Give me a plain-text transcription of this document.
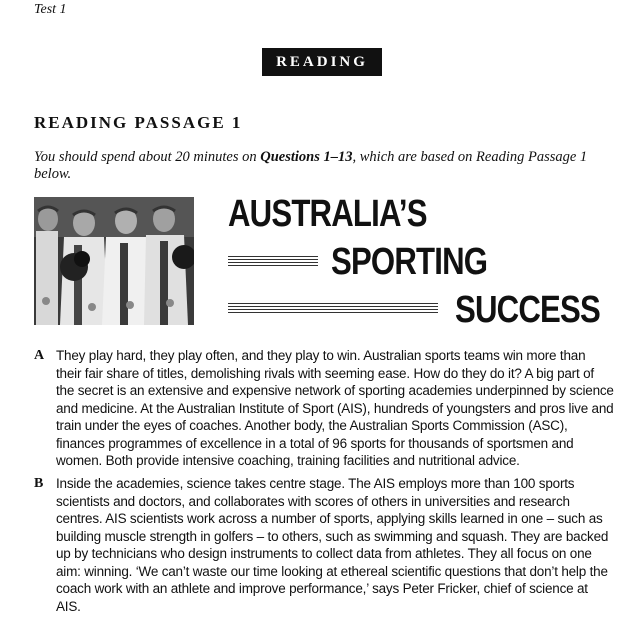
Test 1
READING
READING PASSAGE 1
You should spend about 20 minutes on Questions 1–13, which are based on Reading Passage 1 below.
AUSTRALIA’S
SPORTING
SUCCESS
A They play hard, they play often, and they play to win. Australian sports teams win more than their fair share of titles, demolishing rivals with seeming ease. How do they do it? A big part of the secret is an extensive and expensive network of sporting academies underpinned by science and medicine. At the Australian Institute of Sport (AIS), hundreds of youngsters and pros live and train under the eyes of coaches. Another body, the Australian Sports Commission (ASC), finances programmes of excellence in a total of 96 sports for thousands of sportsmen and women. Both provide intensive coaching, training facilities and nutritional advice.
B Inside the academies, science takes centre stage. The AIS employs more than 100 sports scientists and doctors, and collaborates with scores of others in universities and research centres. AIS scientists work across a number of sports, applying skills learned in one – such as building muscle strength in golfers – to others, such as swimming and squash. They are backed up by technicians who design instruments to collect data from athletes. They all focus on one aim: winning. ‘We can’t waste our time looking at ethereal scientific questions that don’t help the coach work with an athlete and improve performance,’ says Peter Fricker, chief of science at AIS.
